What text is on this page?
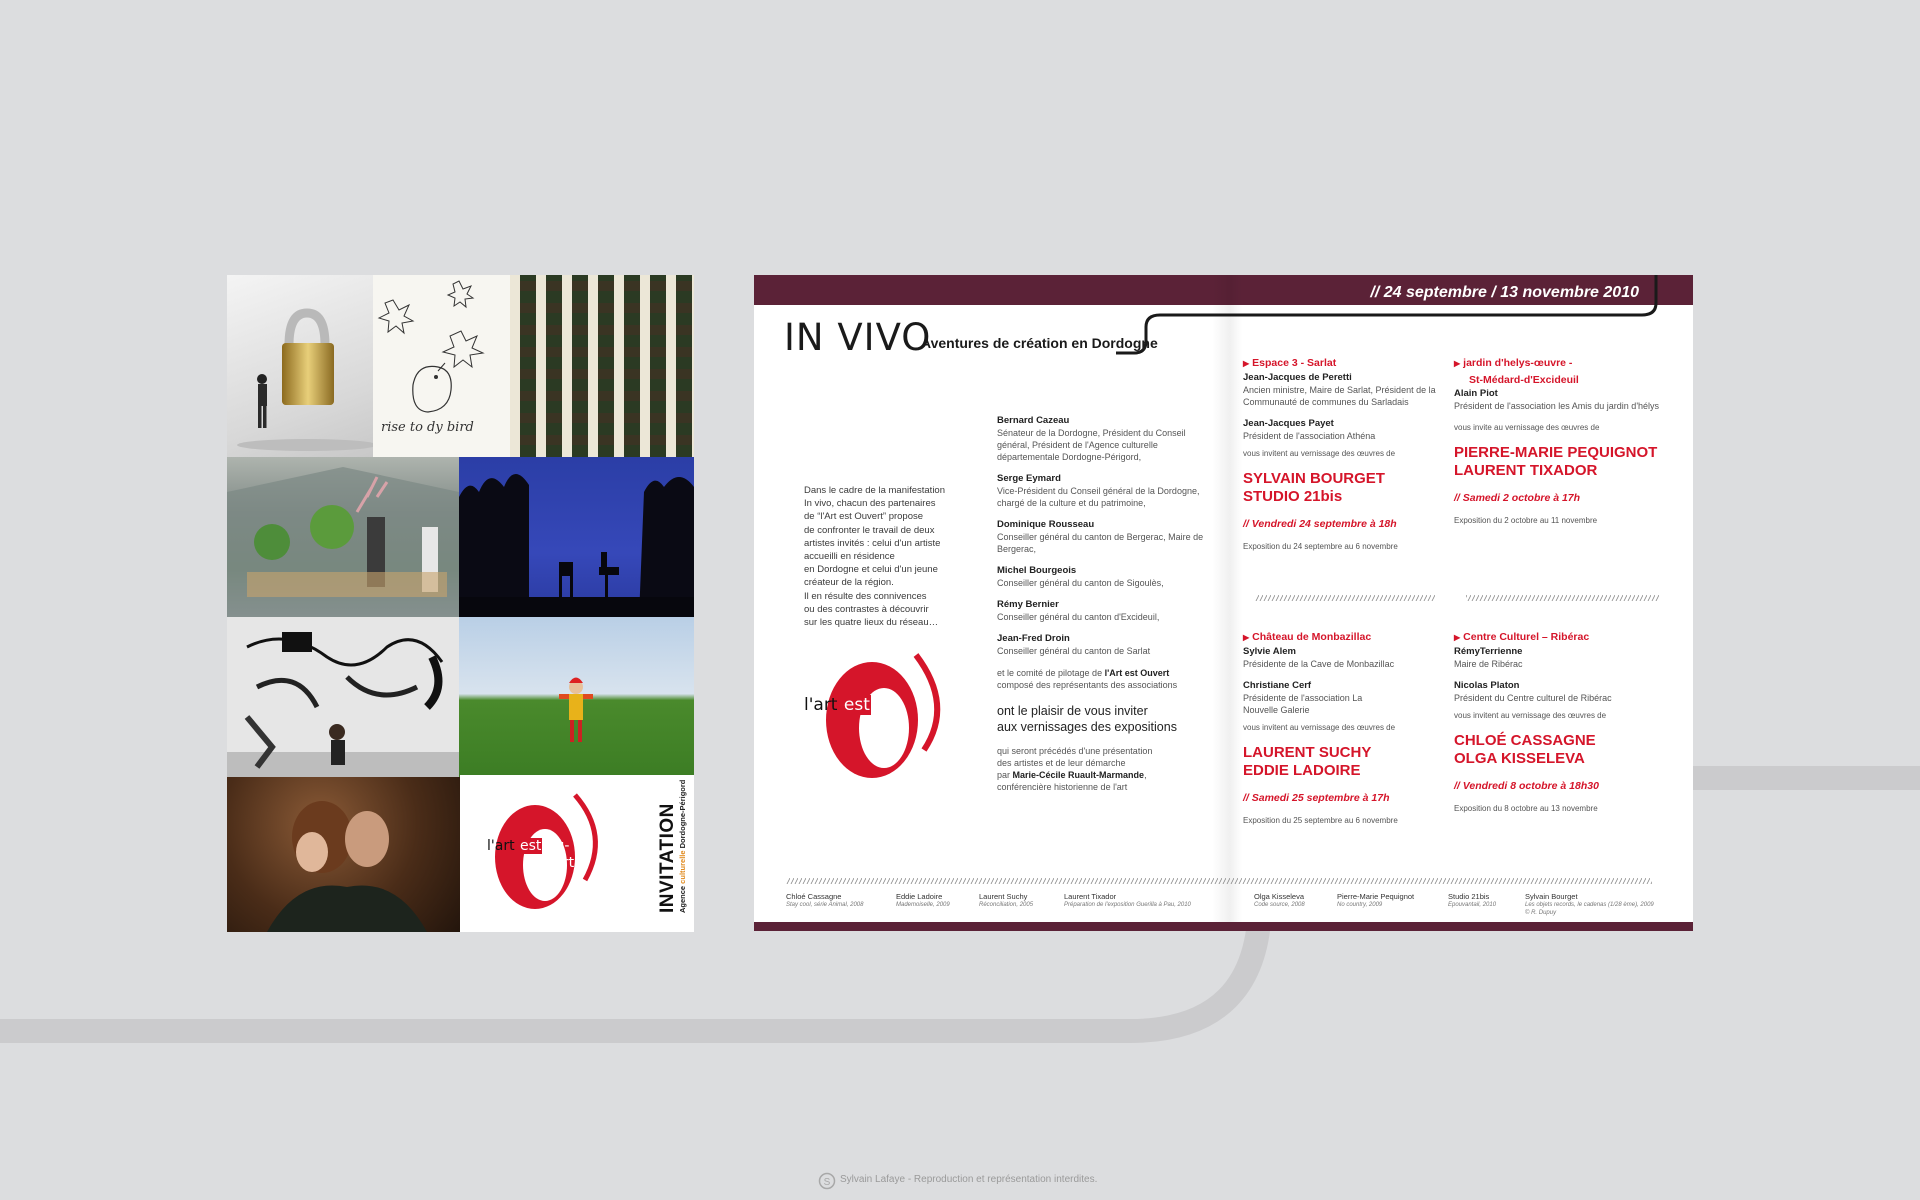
rise to dy bird
l'art est ou-
vert	INVITATION Agence culturelle Dordogne-Périgord
// 24 septembre / 13 novembre 2010
IN VIVO
Aventures de création en Dordogne
Dans le cadre de la manifestation
In vivo, chacun des partenaires
de “l'Art est Ouvert” propose
de confronter le travail de deux
artistes invités : celui d'un artiste
accueilli en résidence
en Dordogne et celui d'un jeune
créateur de la région.
Il en résulte des connivences
ou des contrastes à découvrir
sur les quatre lieux du réseau…
l'art est ou-
vert
Bernard Cazeau
Sénateur de la Dordogne, Président du Conseil général, Président de l'Agence culturelle départementale Dordogne-Périgord,
Serge Eymard
Vice-Président du Conseil général de la Dordogne, chargé de la culture et du patrimoine,
Dominique Rousseau
Conseiller général du canton de Bergerac, Maire de Bergerac,
Michel Bourgeois
Conseiller général du canton de Sigoulès,
Rémy Bernier
Conseiller général du canton d'Excideuil,
Jean-Fred Droin
Conseiller général du canton de Sarlat
et le comité de pilotage de l'Art est Ouvert
composé des représentants des associations
ont le plaisir de vous inviter
aux vernissages des expositions
qui seront précédés d'une présentation
des artistes et de leur démarche
par Marie-Cécile Ruault-Marmande,
conférencière historienne de l'art
▶ Espace 3 - Sarlat
Jean-Jacques de Peretti
Ancien ministre, Maire de Sarlat, Président de la Communauté de communes du Sarladais
Jean-Jacques Payet
Président de l'association Athéna
vous invitent au vernissage des œuvres de
SYLVAIN BOURGET
STUDIO 21bis
// Vendredi 24 septembre à 18h
Exposition du 24 septembre au 6 novembre
▶ jardin d'helys-œuvre -
St-Médard-d'Excideuil
Alain Piot
Président de l'association les Amis du jardin d'hélys
vous invite au vernissage des œuvres de
PIERRE-MARIE PEQUIGNOT
LAURENT TIXADOR
// Samedi 2 octobre à 17h
Exposition du 2 octobre au 11 novembre
▶ Château de Monbazillac
Sylvie Alem
Présidente de la Cave de Monbazillac
Christiane Cerf
Présidente de l'association La Nouvelle Galerie
vous invitent au vernissage des œuvres de
LAURENT SUCHY
EDDIE LADOIRE
// Samedi 25 septembre à 17h
Exposition du 25 septembre au 6 novembre
▶ Centre Culturel – Ribérac
RémyTerrienne
Maire de Ribérac
Nicolas Platon
Président du Centre culturel de Ribérac
vous invitent au vernissage des œuvres de
CHLOÉ CASSAGNE
OLGA KISSELEVA
// Vendredi 8 octobre à 18h30
Exposition du 8 octobre au 13 novembre
Chloé Cassagne
Stay cool, série Animal, 2008
Eddie Ladoire
Mademoiselle, 2009
Laurent Suchy
Réconciliation, 2005
Laurent Tixador
Préparation de l'exposition Guerilla à Pau, 2010
Olga Kisseleva
Code source, 2008
Pierre-Marie Pequignot
No country, 2009
Studio 21bis
Epouvantail, 2010
Sylvain Bourget
Les objets records, le cadenas (1/28 ème), 2009
© R. Dupuy
S Sylvain Lafaye - Reproduction et représentation interdites.
